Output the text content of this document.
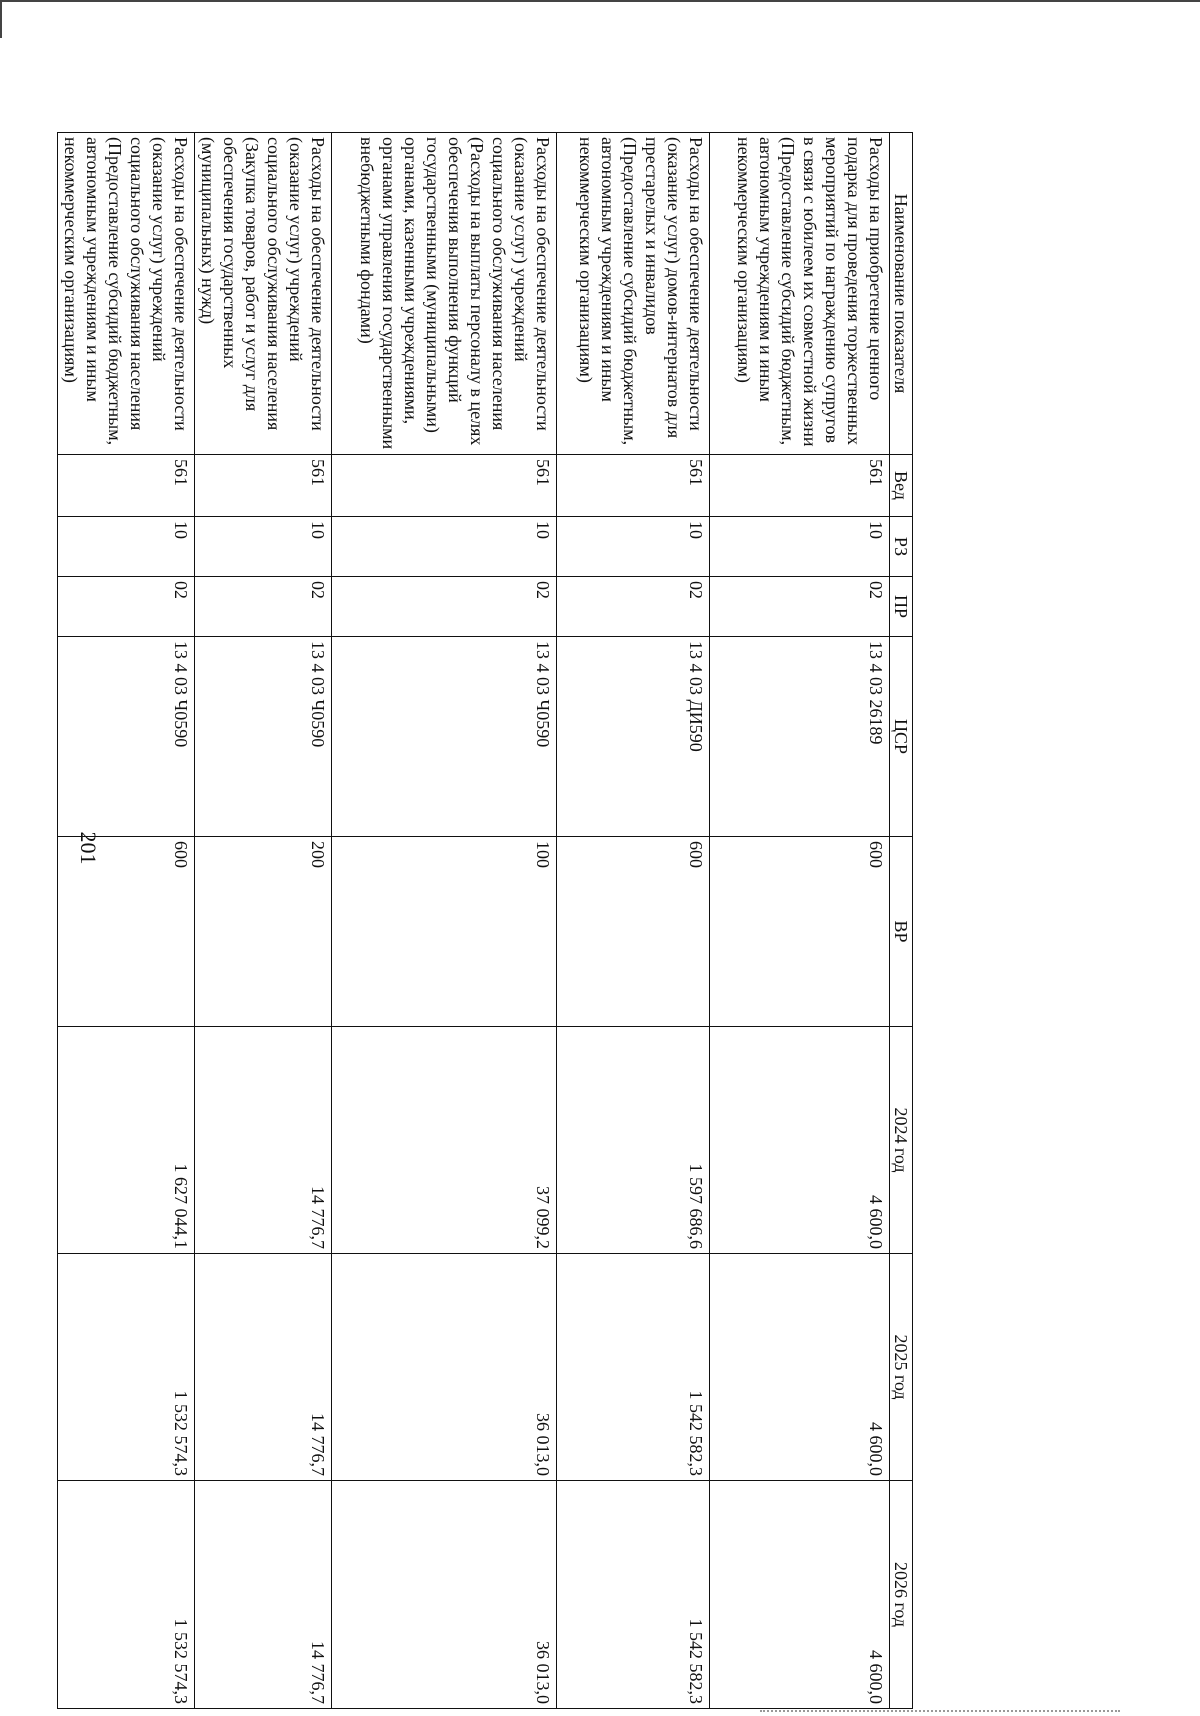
201
Наименование показателя	Вед	РЗ	ПР	ЦСР	ВР	2024 год	2025 год	2026 год
Расходы на приобретение ценного подарка для проведения торжественных мероприятий по награждению супругов в связи с юбилеем их совместной жизни (Предоставление субсидий бюджетным, автономным учреждениям и иным некоммерческим организациям)	561	10	02	13 4 03 26189	600	4 600,0	4 600,0	4 600,0
Расходы на обеспечение деятельности (оказание услуг) домов-интернатов для престарелых и инвалидов (Предоставление субсидий бюджетным, автономным учреждениям и иным некоммерческим организациям)	561	10	02	13 4 03 ДИ590	600	1 597 686,6	1 542 582,3	1 542 582,3
Расходы на обеспечение деятельности (оказание услуг) учреждений социального обслуживания населения (Расходы на выплаты персоналу в целях обеспечения выполнения функций государственными (муниципальными) органами, казенными учреждениями, органами управления государственными внебюджетными фондами)	561	10	02	13 4 03 Ч0590	100	37 099,2	36 013,0	36 013,0
Расходы на обеспечение деятельности (оказание услуг) учреждений социального обслуживания населения (Закупка товаров, работ и услуг для обеспечения государственных (муниципальных) нужд)	561	10	02	13 4 03 Ч0590	200	14 776,7	14 776,7	14 776,7
Расходы на обеспечение деятельности (оказание услуг) учреждений социального обслуживания населения (Предоставление субсидий бюджетным, автономным учреждениям и иным некоммерческим организациям)	561	10	02	13 4 03 Ч0590	600	1 627 044,1	1 532 574,3	1 532 574,3
